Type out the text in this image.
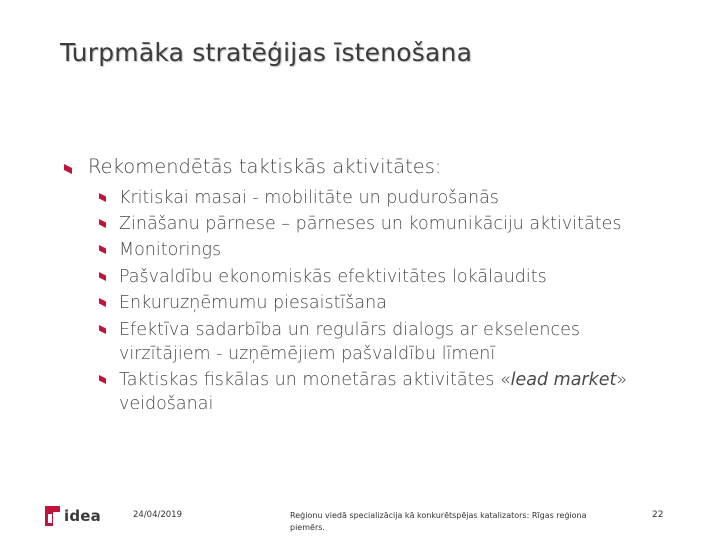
Turpmāka stratēģijas īstenošana
Rekomendētās taktiskās aktivitātes:
Kritiskai masai - mobilitāte un pudurošanās
Zināšanu pārnese – pārneses un komunikāciju aktivitātes
Monitorings
Pašvaldību ekonomiskās efektivitātes lokālaudits
Enkuruzņēmumu piesaistīšana
Efektīva sadarbība un regulārs dialogs ar ekselences
virzītājiem - uzņēmējiem pašvaldību līmenī
Taktiskas fiskālas un monetāras aktivitātes «lead market»
veidošanai
idea	24/04/2019	Reģionu viedā specializācija kā konkurētspējas katalizators: Rīgas reģiona piemērs.
22
